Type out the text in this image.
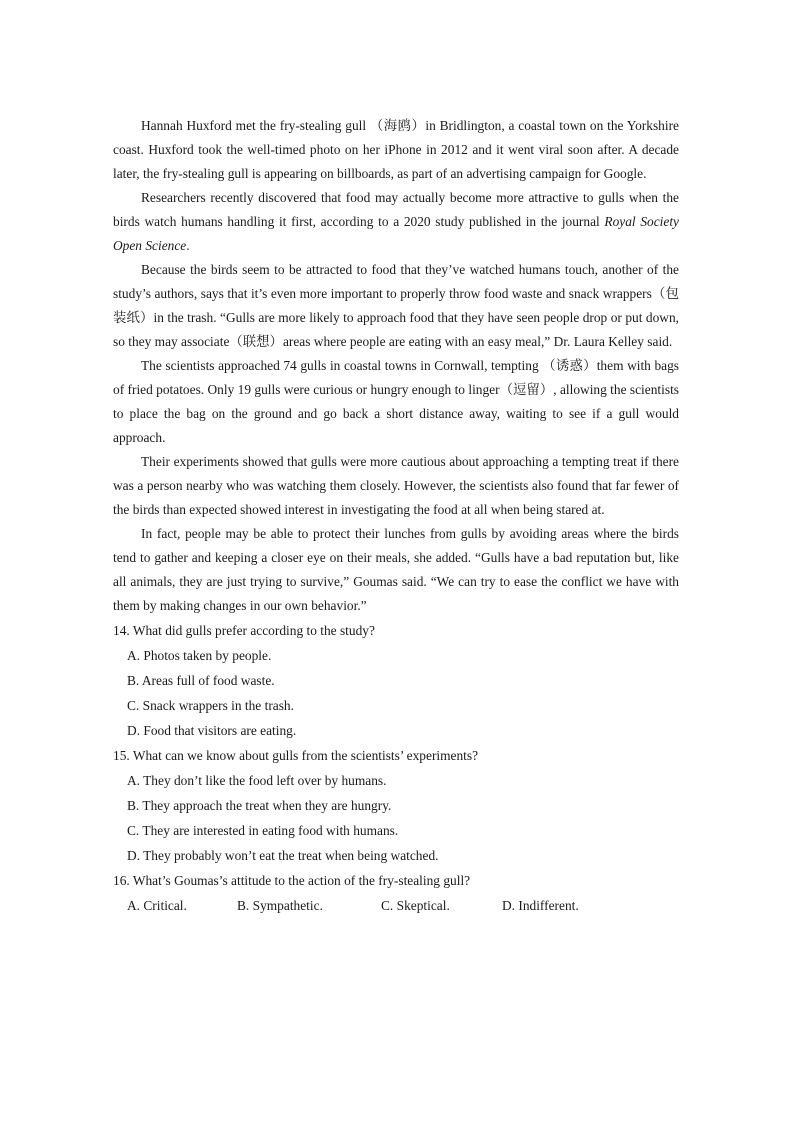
Hannah Huxford met the fry-stealing gull （海鸥）in Bridlington, a coastal town on the Yorkshire coast. Huxford took the well-timed photo on her iPhone in 2012 and it went viral soon after. A decade later, the fry-stealing gull is appearing on billboards, as part of an advertising campaign for Google.

Researchers recently discovered that food may actually become more attractive to gulls when the birds watch humans handling it first, according to a 2020 study published in the journal Royal Society Open Science.

Because the birds seem to be attracted to food that they’ve watched humans touch, another of the study’s authors, says that it’s even more important to properly throw food waste and snack wrappers（包装纸）in the trash. “Gulls are more likely to approach food that they have seen people drop or put down, so they may associate（联想）areas where people are eating with an easy meal,” Dr. Laura Kelley said.

The scientists approached 74 gulls in coastal towns in Cornwall, tempting （诱惑）them with bags of fried potatoes. Only 19 gulls were curious or hungry enough to linger（逗留）, allowing the scientists to place the bag on the ground and go back a short distance away, waiting to see if a gull would approach.

Their experiments showed that gulls were more cautious about approaching a tempting treat if there was a person nearby who was watching them closely. However, the scientists also found that far fewer of the birds than expected showed interest in investigating the food at all when being stared at.

In fact, people may be able to protect their lunches from gulls by avoiding areas where the birds tend to gather and keeping a closer eye on their meals, she added. “Gulls have a bad reputation but, like all animals, they are just trying to survive,” Goumas said. “We can try to ease the conflict we have with them by making changes in our own behavior.”

14. What did gulls prefer according to the study?

A. Photos taken by people.

B. Areas full of food waste.

C. Snack wrappers in the trash.

D. Food that visitors are eating.

15. What can we know about gulls from the scientists’ experiments?

A. They don’t like the food left over by humans.

B. They approach the treat when they are hungry.

C. They are interested in eating food with humans.

D. They probably won’t eat the treat when being watched.

16. What’s Goumas’s attitude to the action of the fry-stealing gull?

A. Critical.	B. Sympathetic.	C. Skeptical.	D. Indifferent.
